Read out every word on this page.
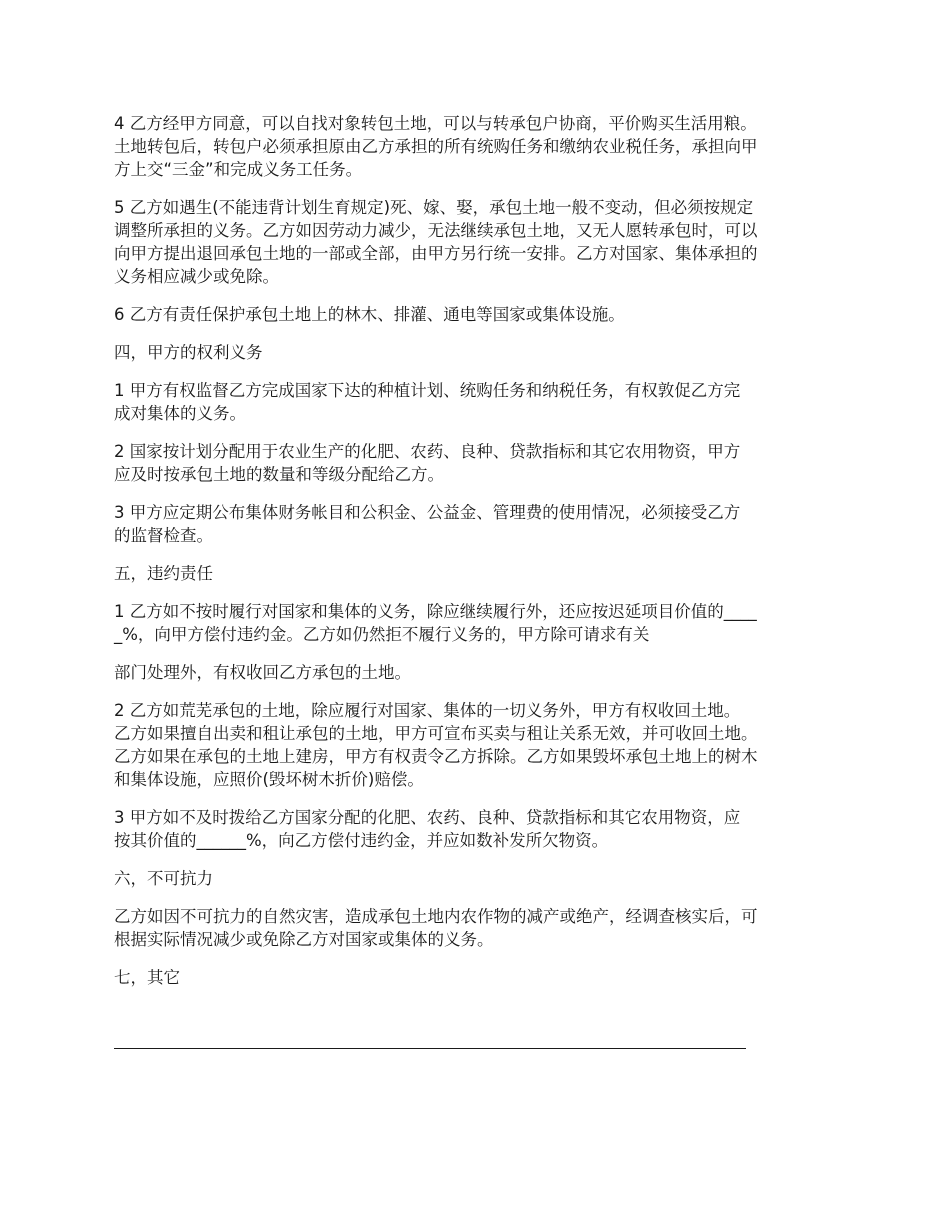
4 乙方经甲方同意，可以自找对象转包土地，可以与转承包户协商，平价购买生活用粮。
土地转包后，转包户必须承担原由乙方承担的所有统购任务和缴纳农业税任务，承担向甲
方上交“三金”和完成义务工任务。

5 乙方如遇生(不能违背计划生育规定)死、嫁、娶，承包土地一般不变动，但必须按规定
调整所承担的义务。乙方如因劳动力减少，无法继续承包土地，又无人愿转承包时，可以
向甲方提出退回承包土地的一部或全部，由甲方另行统一安排。乙方对国家、集体承担的
义务相应减少或免除。

6 乙方有责任保护承包土地上的林木、排灌、通电等国家或集体设施。

四，甲方的权利义务

1 甲方有权监督乙方完成国家下达的种植计划、统购任务和纳税任务，有权敦促乙方完
成对集体的义务。

2 国家按计划分配用于农业生产的化肥、农药、良种、贷款指标和其它农用物资，甲方
应及时按承包土地的数量和等级分配给乙方。

3 甲方应定期公布集体财务帐目和公积金、公益金、管理费的使用情况，必须接受乙方
的监督检查。

五，违约责任

1 乙方如不按时履行对国家和集体的义务，除应继续履行外，还应按迟延项目价值的____
_%，向甲方偿付违约金。乙方如仍然拒不履行义务的，甲方除可请求有关

部门处理外，有权收回乙方承包的土地。

2 乙方如荒芜承包的土地，除应履行对国家、集体的一切义务外，甲方有权收回土地。
乙方如果擅自出卖和租让承包的土地，甲方可宣布买卖与租让关系无效，并可收回土地。
乙方如果在承包的土地上建房，甲方有权责令乙方拆除。乙方如果毁坏承包土地上的树木
和集体设施，应照价(毁坏树木折价)赔偿。

3 甲方如不及时拨给乙方国家分配的化肥、农药、良种、贷款指标和其它农用物资，应
按其价值的______%，向乙方偿付违约金，并应如数补发所欠物资。

六，不可抗力

乙方如因不可抗力的自然灾害，造成承包土地内农作物的减产或绝产，经调查核实后，可
根据实际情况减少或免除乙方对国家或集体的义务。

七，其它
